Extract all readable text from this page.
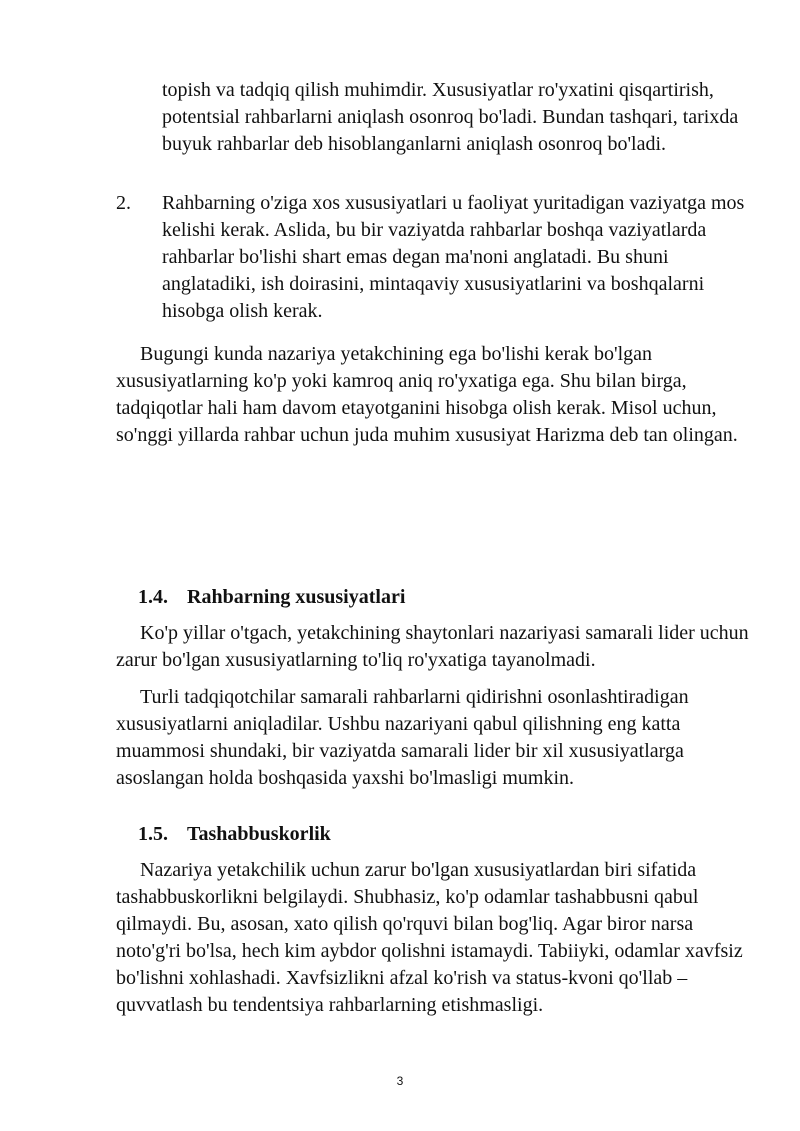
topish va tadqiq qilish muhimdir. Xususiyatlar ro'yxatini qisqartirish, potentsial rahbarlarni aniqlash osonroq bo'ladi. Bundan tashqari, tarixda buyuk rahbarlar deb hisoblanganlarni aniqlash osonroq bo'ladi.
2.	Rahbarning o'ziga xos xususiyatlari u faoliyat yuritadigan vaziyatga mos kelishi kerak. Aslida, bu bir vaziyatda rahbarlar boshqa vaziyatlarda rahbarlar bo'lishi shart emas degan ma'noni anglatadi. Bu shuni anglatadiki, ish doirasini, mintaqaviy xususiyatlarini va boshqalarni hisobga olish kerak.
Bugungi kunda nazariya yetakchining ega bo'lishi kerak bo'lgan xususiyatlarning ko'p yoki kamroq aniq ro'yxatiga ega. Shu bilan birga, tadqiqotlar hali ham davom etayotganini hisobga olish kerak. Misol uchun, so'nggi yillarda rahbar uchun juda muhim xususiyat Harizma deb tan olingan.
1.4. Rahbarning xususiyatlari
Ko'p yillar o'tgach, yetakchining shaytonlari nazariyasi samarali lider uchun zarur bo'lgan xususiyatlarning to'liq ro'yxatiga tayanolmadi.
Turli tadqiqotchilar samarali rahbarlarni qidirishni osonlashtiradigan xususiyatlarni aniqladilar. Ushbu nazariyani qabul qilishning eng katta muammosi shundaki, bir vaziyatda samarali lider bir xil xususiyatlarga asoslangan holda boshqasida yaxshi bo'lmasligi mumkin.
1.5. Tashabbuskorlik
Nazariya yetakchilik uchun zarur bo'lgan xususiyatlardan biri sifatida tashabbuskorlikni belgilaydi. Shubhasiz, ko'p odamlar tashabbusni qabul qilmaydi. Bu, asosan, xato qilish qo'rquvi bilan bog'liq. Agar biror narsa noto'g'ri bo'lsa, hech kim aybdor qolishni istamaydi. Tabiiyki, odamlar xavfsiz bo'lishni xohlashadi. Xavfsizlikni afzal ko'rish va status-kvoni qo'llab – quvvatlash bu tendentsiya rahbarlarning etishmasligi.
3
